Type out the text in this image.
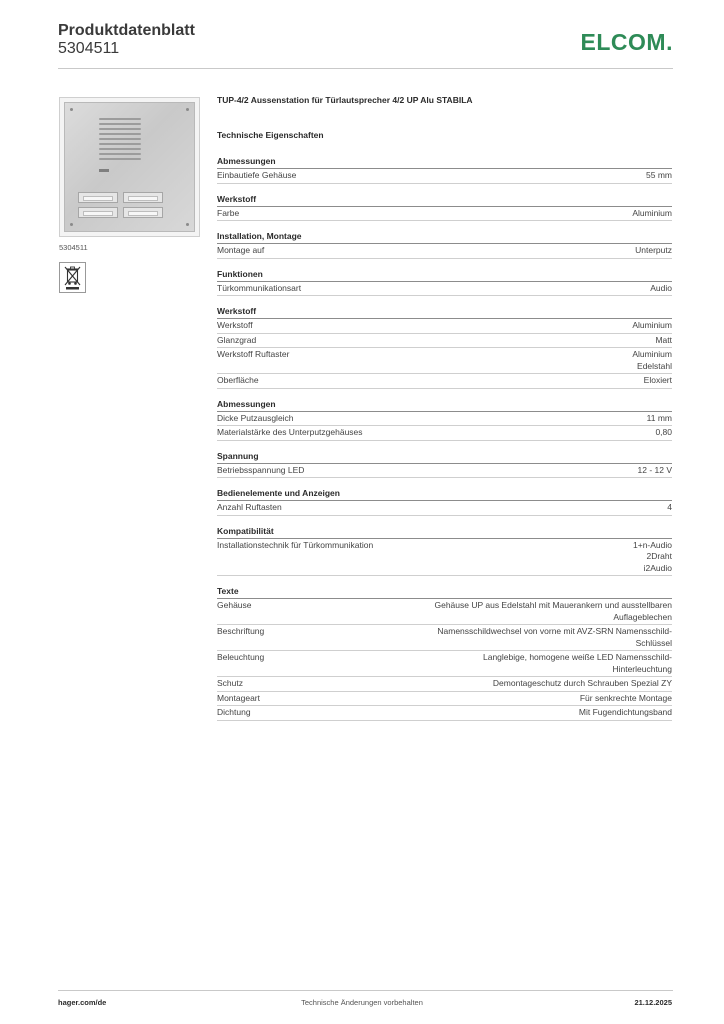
Produktdatenblatt
5304511	ELCOM.
5304511
TUP-4/2 Aussenstation für Türlautsprecher 4/2 UP Alu STABILA
Technische Eigenschaften
Abmessungen
Einbautiefe Gehäuse	55 mm
Werkstoff
Farbe	Aluminium
Installation, Montage
Montage auf	Unterputz
Funktionen
Türkommunikationsart	Audio
Werkstoff
Werkstoff	Aluminium
Glanzgrad	Matt
Werkstoff Ruftaster	Aluminium
Edelstahl
Oberfläche	Eloxiert
Abmessungen
Dicke Putzausgleich	11 mm
Materialstärke des Unterputzgehäuses	0,80
Spannung
Betriebsspannung LED	12 - 12 V
Bedienelemente und Anzeigen
Anzahl Ruftasten	4
Kompatibilität
Installationstechnik für Türkommunikation	1+n-Audio
2Draht
i2Audio
Texte
Gehäuse	Gehäuse UP aus Edelstahl mit Mauerankern und ausstellbaren
Auflageblechen
Beschriftung	Namensschildwechsel von vorne mit AVZ-SRN Namensschild-
Schlüssel
Beleuchtung	Langlebige, homogene weiße LED Namensschild-
Hinterleuchtung
Schutz	Demontageschutz durch Schrauben Spezial ZY
Montageart	Für senkrechte Montage
Dichtung	Mit Fugendichtungsband
hager.com/de	Technische Änderungen vorbehalten	21.12.2025
